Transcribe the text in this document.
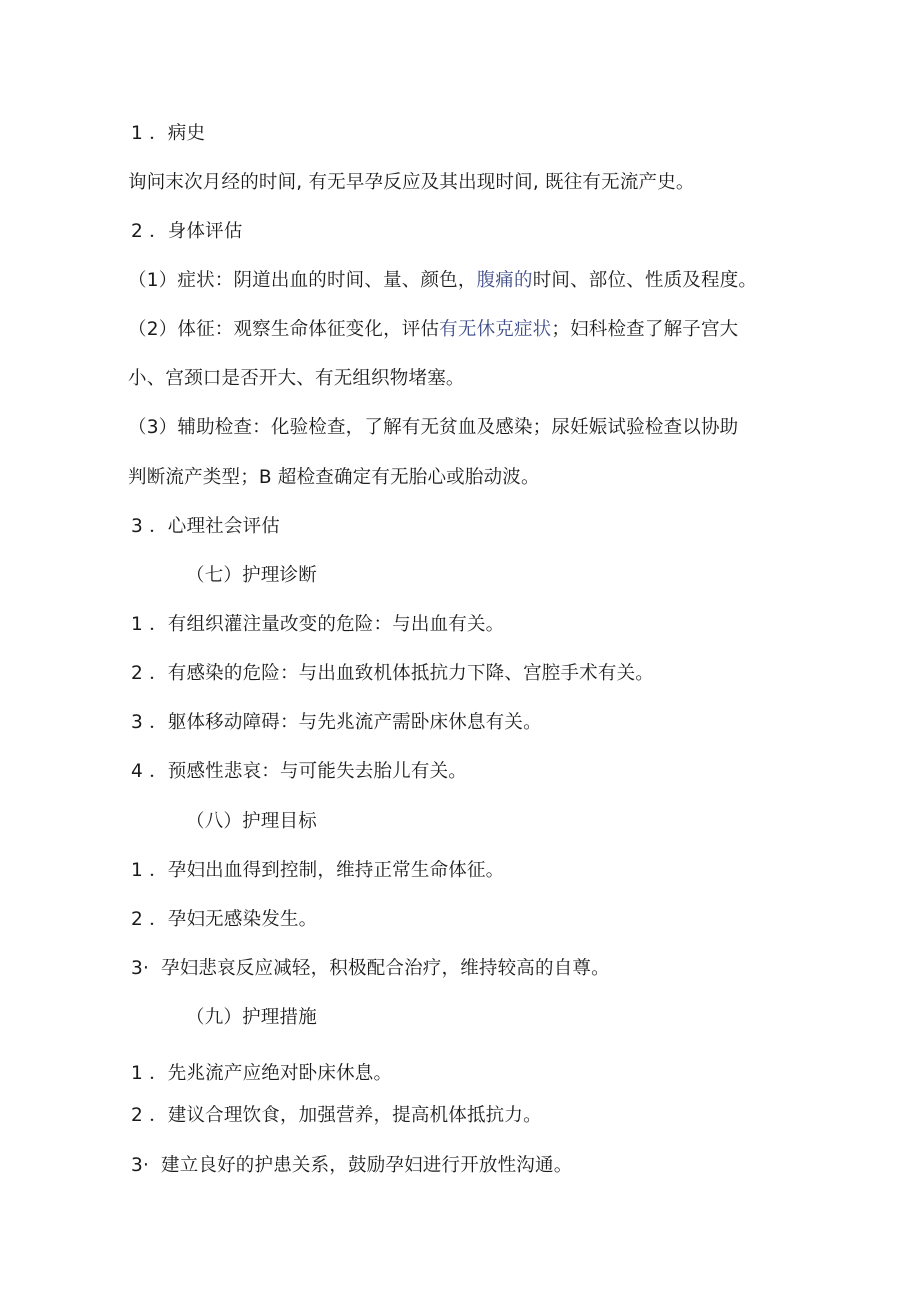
1 ．病史
询问末次月经的时间, 有无早孕反应及其出现时间, 既往有无流产史。
2 ．身体评估
（1）症状：阴道出血的时间、量、颜色，腹痛的时间、部位、性质及程度。
（2）体征：观察生命体征变化，评估有无休克症状；妇科检查了解子宫大
小、宫颈口是否开大、有无组织物堵塞。
（3）辅助检查：化验检查，了解有无贫血及感染；尿妊娠试验检查以协助
判断流产类型；B 超检查确定有无胎心或胎动波。
3 ．心理社会评估
（七）护理诊断
1 ．有组织灌注量改变的危险：与出血有关。
2 ．有感染的危险：与出血致机体抵抗力下降、宫腔手术有关。
3 ．躯体移动障碍：与先兆流产需卧床休息有关。
4 ．预感性悲哀：与可能失去胎儿有关。
（八）护理目标
1 ．孕妇出血得到控制，维持正常生命体征。
2 ．孕妇无感染发生。
3· 孕妇悲哀反应减轻，积极配合治疗，维持较高的自尊。
（九）护理措施
1 ．先兆流产应绝对卧床休息。
2 ．建议合理饮食，加强营养，提高机体抵抗力。
3· 建立良好的护患关系，鼓励孕妇进行开放性沟通。
